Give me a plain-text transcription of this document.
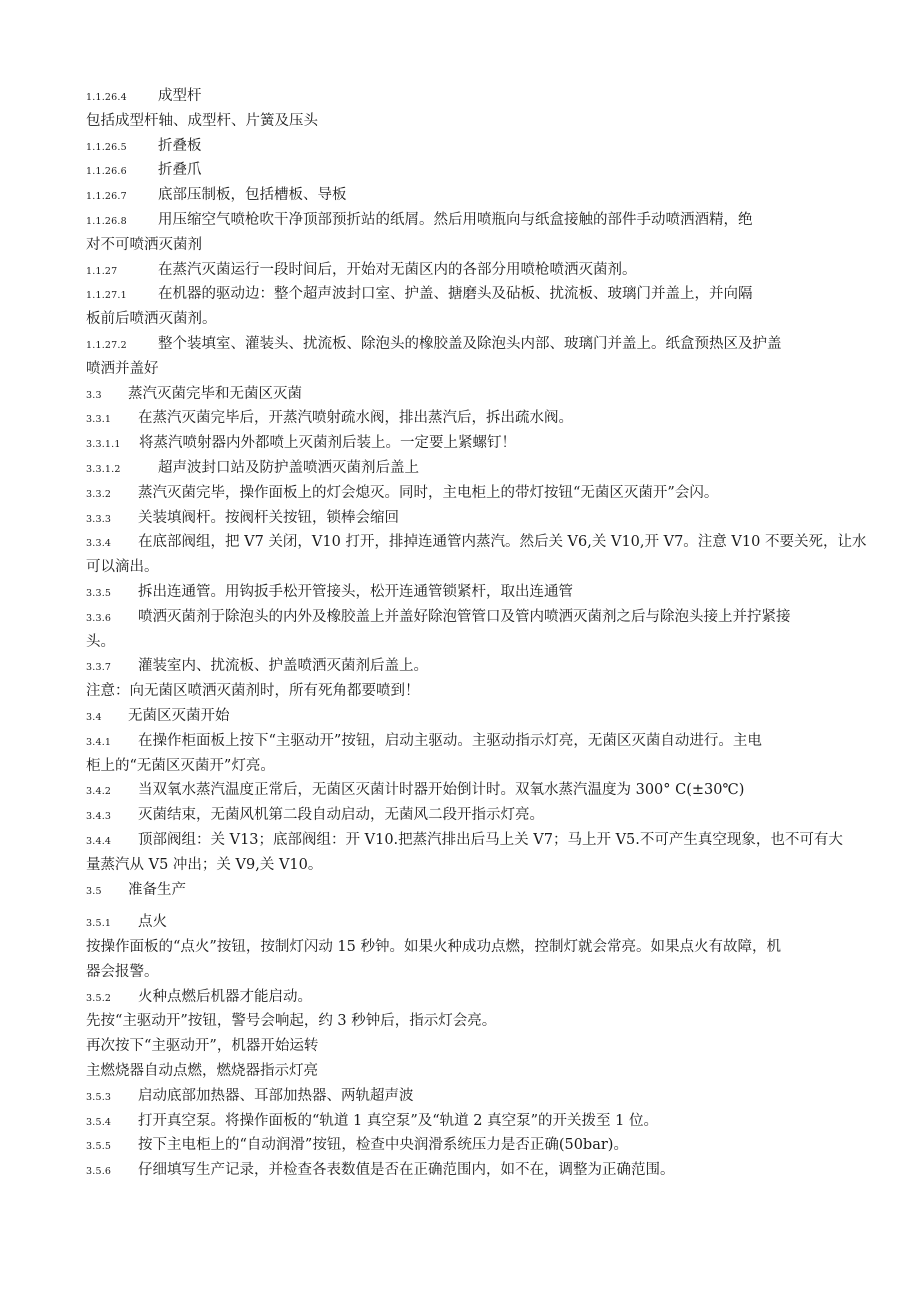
1.1.26.4 成型杆
包括成型杆轴、成型杆、片簧及压头
1.1.26.5 折叠板
1.1.26.6 折叠爪
1.1.26.7 底部压制板，包括槽板、导板
1.1.26.8 用压缩空气喷枪吹干净顶部预折站的纸屑。然后用喷瓶向与纸盒接触的部件手动喷洒酒精，绝
对不可喷洒灭菌剂
1.1.27	在蒸汽灭菌运行一段时间后，开始对无菌区内的各部分用喷枪喷洒灭菌剂。
1.1.27.1 在机器的驱动边：整个超声波封口室、护盖、搪磨头及砧板、扰流板、玻璃门并盖上，并向隔
板前后喷洒灭菌剂。
1.1.27.2 整个装填室、灌装头、扰流板、除泡头的橡胶盖及除泡头内部、玻璃门并盖上。纸盒预热区及护盖
喷洒并盖好
3.3 蒸汽灭菌完毕和无菌区灭菌
3.3.1 在蒸汽灭菌完毕后，开蒸汽喷射疏水阀，排出蒸汽后，拆出疏水阀。
3.3.1.1 将蒸汽喷射器内外都喷上灭菌剂后装上。一定要上紧螺钉！
3.3.1.2	超声波封口站及防护盖喷洒灭菌剂后盖上
3.3.2 蒸汽灭菌完毕，操作面板上的灯会熄灭。同时，主电柜上的带灯按钮“无菌区灭菌开”会闪。
3.3.3 关装填阀杆。按阀杆关按钮，锁棒会缩回
3.3.4 在底部阀组，把 V7 关闭，V10 打开，排掉连通管内蒸汽。然后关 V6,关 V10,开 V7。注意 V10 不要关死，让水
可以滴出。
3.3.5 拆出连通管。用钩扳手松开管接头，松开连通管锁紧杆，取出连通管
3.3.6 喷洒灭菌剂于除泡头的内外及橡胶盖上并盖好除泡管管口及管内喷洒灭菌剂之后与除泡头接上并拧紧接
头。
3.3.7 灌装室内、扰流板、护盖喷洒灭菌剂后盖上。
注意：向无菌区喷洒灭菌剂时，所有死角都要喷到！
3.4 无菌区灭菌开始
3.4.1 在操作柜面板上按下“主驱动开”按钮，启动主驱动。主驱动指示灯亮，无菌区灭菌自动进行。主电
柜上的“无菌区灭菌开”灯亮。
3.4.2 当双氧水蒸汽温度正常后，无菌区灭菌计时器开始倒计时。双氧水蒸汽温度为 300° C(±30℃)
3.4.3 灭菌结束，无菌风机第二段自动启动，无菌风二段开指示灯亮。
3.4.4 顶部阀组：关 V13；底部阀组：开 V10.把蒸汽排出后马上关 V7；马上开 V5.不可产生真空现象，也不可有大
量蒸汽从 V5 冲出；关 V9,关 V10。
3.5 准备生产
3.5.1 点火
按操作面板的“点火”按钮，按制灯闪动 15 秒钟。如果火种成功点燃，控制灯就会常亮。如果点火有故障，机
器会报警。
3.5.2 火种点燃后机器才能启动。
先按“主驱动开”按钮，警号会响起，约 3 秒钟后，指示灯会亮。
再次按下“主驱动开”，机器开始运转
主燃烧器自动点燃，燃烧器指示灯亮
3.5.3 启动底部加热器、耳部加热器、两轨超声波
3.5.4 打开真空泵。将操作面板的“轨道 1 真空泵”及“轨道 2 真空泵”的开关拨至 1 位。
3.5.5 按下主电柜上的“自动润滑”按钮，检查中央润滑系统压力是否正确(50bar)。
3.5.6 仔细填写生产记录，并检查各表数值是否在正确范围内，如不在，调整为正确范围。
